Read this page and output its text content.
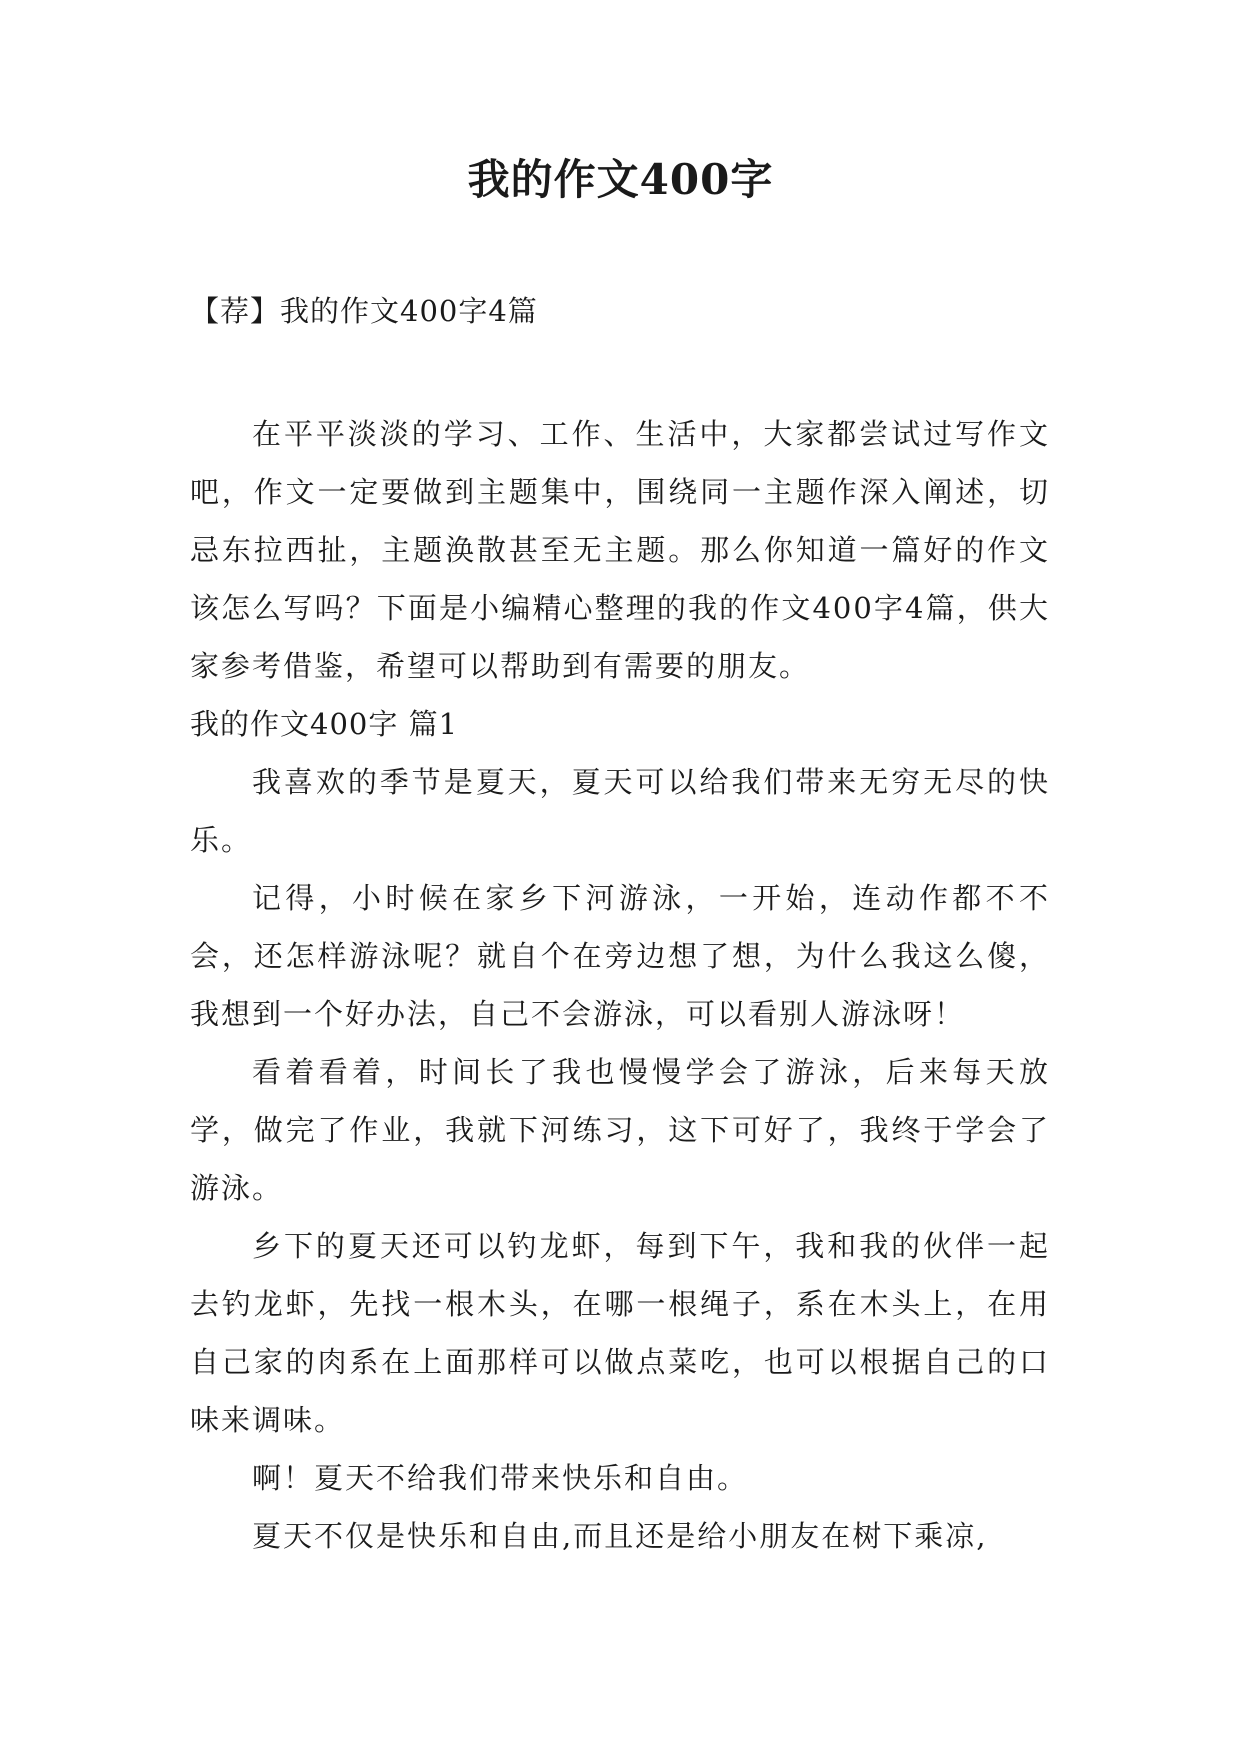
我的作文400字

【荐】我的作文400字4篇

在平平淡淡的学习、工作、生活中，大家都尝试过写作文吧，作文一定要做到主题集中，围绕同一主题作深入阐述，切忌东拉西扯，主题涣散甚至无主题。那么你知道一篇好的作文该怎么写吗？下面是小编精心整理的我的作文400字4篇，供大家参考借鉴，希望可以帮助到有需要的朋友。

我的作文400字 篇1

我喜欢的季节是夏天，夏天可以给我们带来无穷无尽的快乐。

记得，小时候在家乡下河游泳，一开始，连动作都不不会，还怎样游泳呢？就自个在旁边想了想，为什么我这么傻，我想到一个好办法，自己不会游泳，可以看别人游泳呀！

看着看着，时间长了我也慢慢学会了游泳，后来每天放学，做完了作业，我就下河练习，这下可好了，我终于学会了游泳。

乡下的夏天还可以钓龙虾，每到下午，我和我的伙伴一起去钓龙虾，先找一根木头，在哪一根绳子，系在木头上，在用自己家的肉系在上面那样可以做点菜吃，也可以根据自己的口味来调味。

啊！夏天不给我们带来快乐和自由。

夏天不仅是快乐和自由,而且还是给小朋友在树下乘凉,
